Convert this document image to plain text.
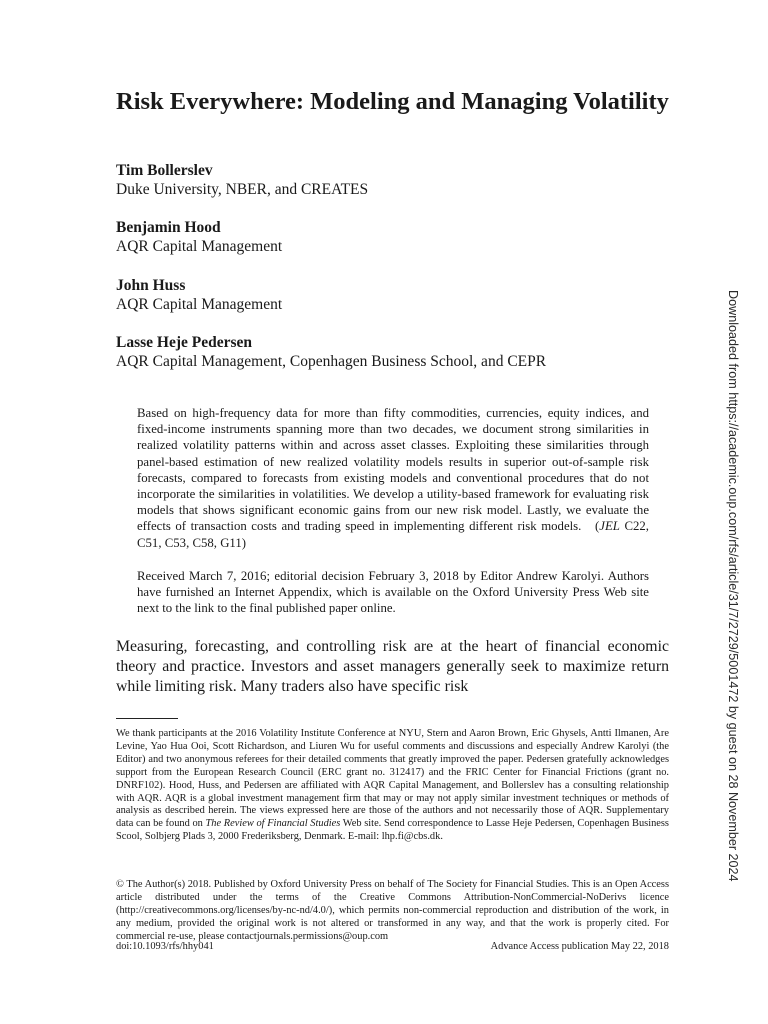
Risk Everywhere: Modeling and Managing Volatility
Tim Bollerslev
Duke University, NBER, and CREATES
Benjamin Hood
AQR Capital Management
John Huss
AQR Capital Management
Lasse Heje Pedersen
AQR Capital Management, Copenhagen Business School, and CEPR

Based on high-frequency data for more than fifty commodities, currencies, equity indices, and fixed-income instruments spanning more than two decades, we document strong similarities in realized volatility patterns within and across asset classes. Exploiting these similarities through panel-based estimation of new realized volatility models results in superior out-of-sample risk forecasts, compared to forecasts from existing models and conventional procedures that do not incorporate the similarities in volatilities. We develop a utility-based framework for evaluating risk models that shows significant economic gains from our new risk model. Lastly, we evaluate the effects of transaction costs and trading speed in implementing different risk models. (JEL C22, C51, C53, C58, G11)

Received March 7, 2016; editorial decision February 3, 2018 by Editor Andrew Karolyi. Authors have furnished an Internet Appendix, which is available on the Oxford University Press Web site next to the link to the final published paper online.

Measuring, forecasting, and controlling risk are at the heart of financial economic theory and practice. Investors and asset managers generally seek to maximize return while limiting risk. Many traders also have specific risk

We thank participants at the 2016 Volatility Institute Conference at NYU, Stern and Aaron Brown, Eric Ghysels, Antti Ilmanen, Are Levine, Yao Hua Ooi, Scott Richardson, and Liuren Wu for useful comments and discussions and especially Andrew Karolyi (the Editor) and two anonymous referees for their detailed comments that greatly improved the paper. Pedersen gratefully acknowledges support from the European Research Council (ERC grant no. 312417) and the FRIC Center for Financial Frictions (grant no. DNRF102). Hood, Huss, and Pedersen are affiliated with AQR Capital Management, and Bollerslev has a consulting relationship with AQR. AQR is a global investment management firm that may or may not apply similar investment techniques or methods of analysis as described herein. The views expressed here are those of the authors and not necessarily those of AQR. Supplementary data can be found on The Review of Financial Studies Web site. Send correspondence to Lasse Heje Pedersen, Copenhagen Business Scool, Solbjerg Plads 3, 2000 Frederiksberg, Denmark. E-mail: lhp.fi@cbs.dk.

© The Author(s) 2018. Published by Oxford University Press on behalf of The Society for Financial Studies. This is an Open Access article distributed under the terms of the Creative Commons Attribution-NonCommercial-NoDerivs licence (http://creativecommons.org/licenses/by-nc-nd/4.0/), which permits non-commercial reproduction and distribution of the work, in any medium, provided the original work is not altered or transformed in any way, and that the work is properly cited. For commercial re-use, please contactjournals.permissions@oup.com

doi:10.1093/rfs/hhy041	Advance Access publication May 22, 2018
Downloaded from https://academic.oup.com/rfs/article/31/7/2729/5001472 by guest on 28 November 2024
